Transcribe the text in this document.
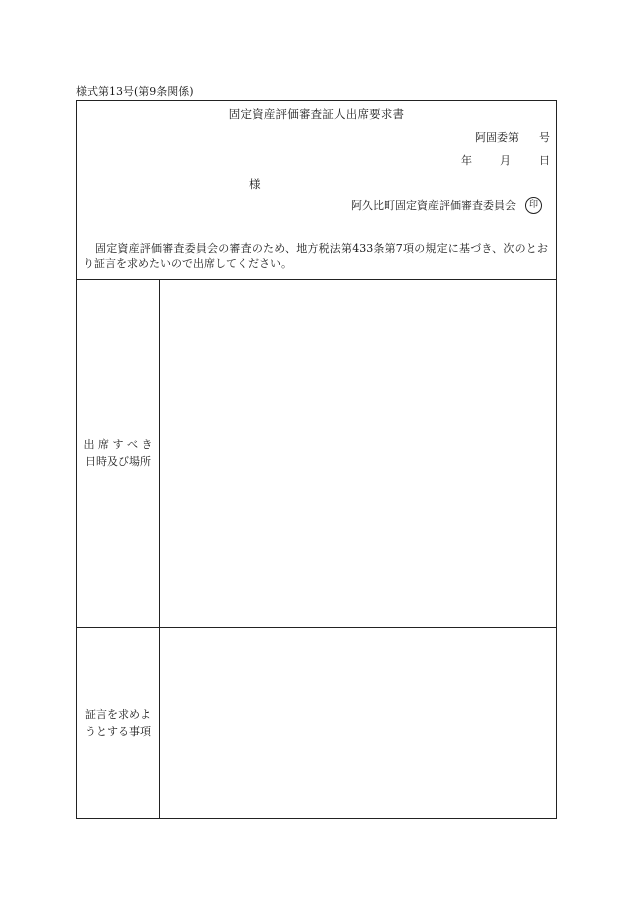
様式第13号(第9条関係)
固定資産評価審査証人出席要求書
阿固委第 号
年	月	日
様
阿久比町固定資産評価審査委員会	印
固定資産評価審査委員会の審査のため、地方税法第433条第7項の規定に基づき、次のとおり証言を求めたいので出席してください。
出 席 す べ き
日時及び場所
証言を求めよ
うとする事項
